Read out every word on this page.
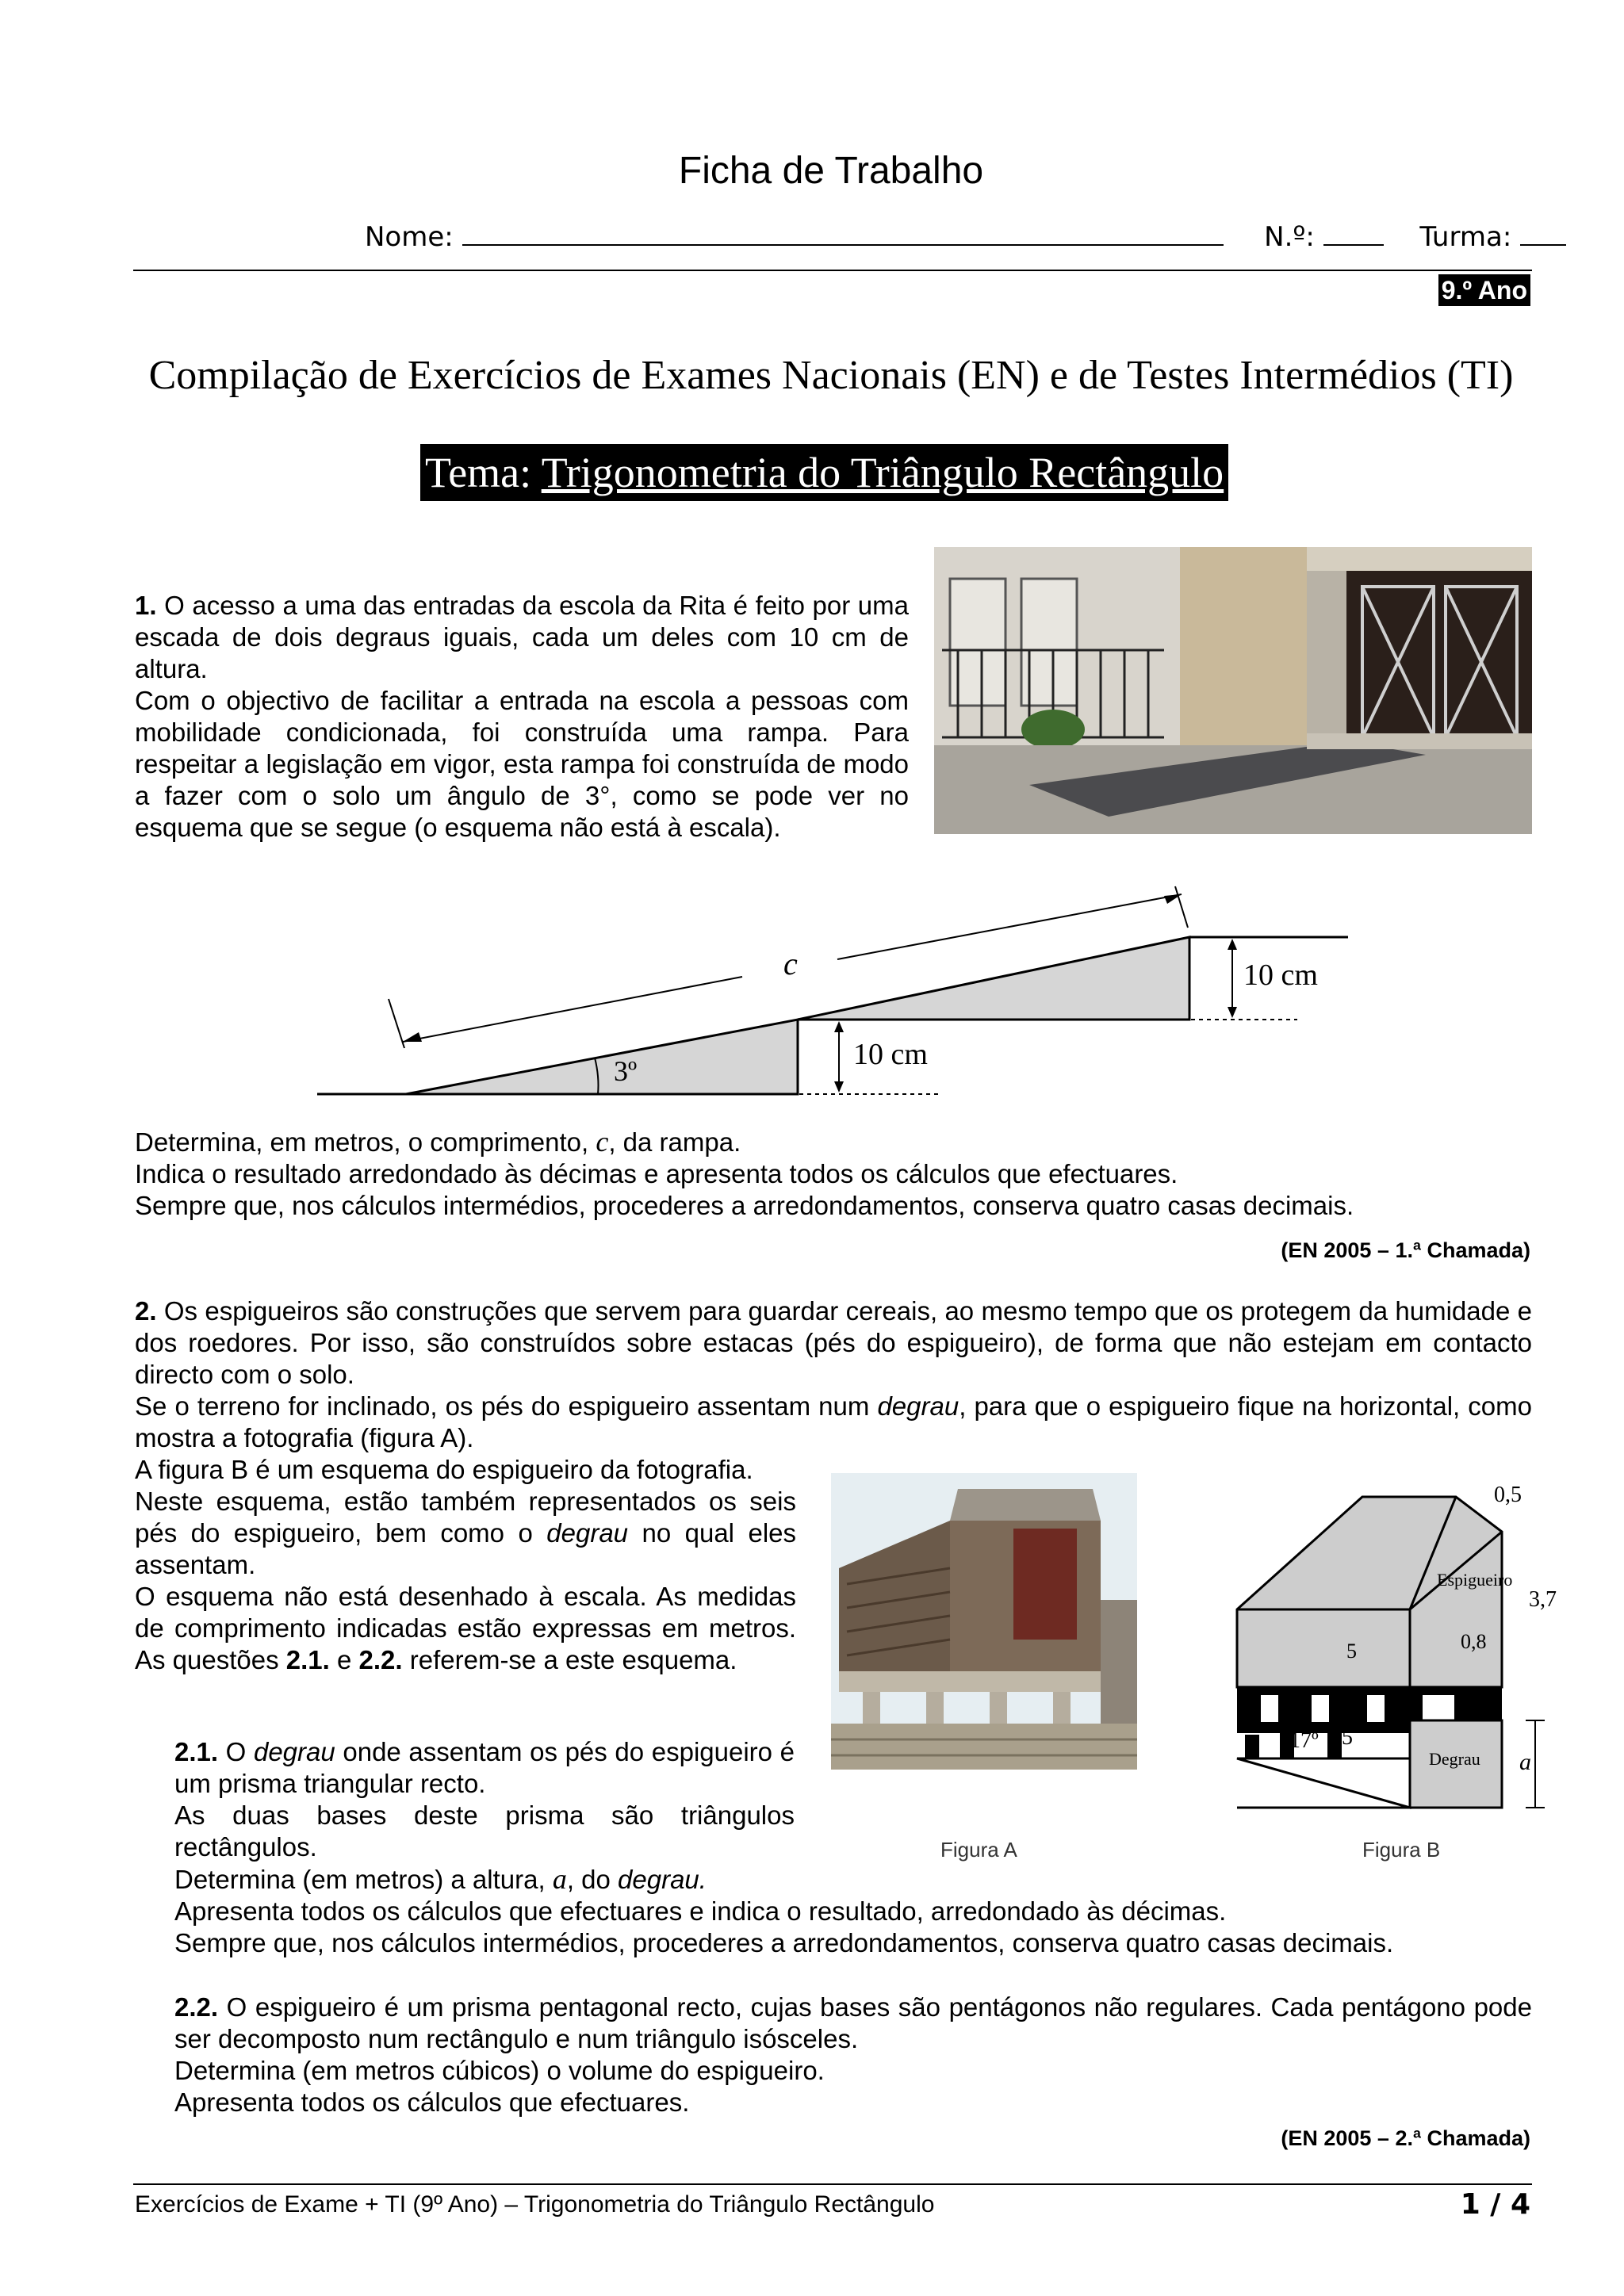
Ficha de Trabalho
Nome:	N.º:	Turma:
9.º Ano
Compilação de Exercícios de Exames Nacionais (EN) e de Testes Intermédios (TI)
Tema: Trigonometria do Triângulo Rectângulo
1. O acesso a uma das entradas da escola da Rita é feito por uma escada de dois degraus iguais, cada um deles com 10 cm de altura.
Com o objectivo de facilitar a entrada na escola a pessoas com mobilidade condicionada, foi construída uma rampa. Para respeitar a legislação em vigor, esta rampa foi construída de modo a fazer com o solo um ângulo de 3°, como se pode ver no esquema que se segue (o esquema não está à escala).
c
3º	10 cm
10 cm
Determina, em metros, o comprimento, c, da rampa.
Indica o resultado arredondado às décimas e apresenta todos os cálculos que efectuares.
Sempre que, nos cálculos intermédios, procederes a arredondamentos, conserva quatro casas decimais.
(EN 2005 – 1.ª Chamada)
2. Os espigueiros são construções que servem para guardar cereais, ao mesmo tempo que os protegem da humidade e dos roedores. Por isso, são construídos sobre estacas (pés do espigueiro), de forma que não estejam em contacto directo com o solo.
Se o terreno for inclinado, os pés do espigueiro assentam num degrau, para que o espigueiro fique na horizontal, como mostra a fotografia (figura A).
A figura B é um esquema do espigueiro da fotografia.
Neste esquema, estão também representados os seis pés do espigueiro, bem como o degrau no qual eles assentam.
O esquema não está desenhado à escala. As medidas de comprimento indicadas estão expressas em metros. As questões 2.1. e 2.2. referem-se a este esquema.
2.1. O degrau onde assentam os pés do espigueiro é um prisma triangular recto.
As duas bases deste prisma são triângulos rectângulos.	Figura A
0,5
3,7
Espigueiro
5	0,8
17º 5
Degrau a
Figura B
Determina (em metros) a altura, a, do degrau.
Apresenta todos os cálculos que efectuares e indica o resultado, arredondado às décimas.
Sempre que, nos cálculos intermédios, procederes a arredondamentos, conserva quatro casas decimais.
2.2. O espigueiro é um prisma pentagonal recto, cujas bases são pentágonos não regulares. Cada pentágono pode ser decomposto num rectângulo e num triângulo isósceles.
Determina (em metros cúbicos) o volume do espigueiro.
Apresenta todos os cálculos que efectuares.
(EN 2005 – 2.ª Chamada)
Exercícios de Exame + TI (9º Ano) – Trigonometria do Triângulo Rectângulo	1 / 4
